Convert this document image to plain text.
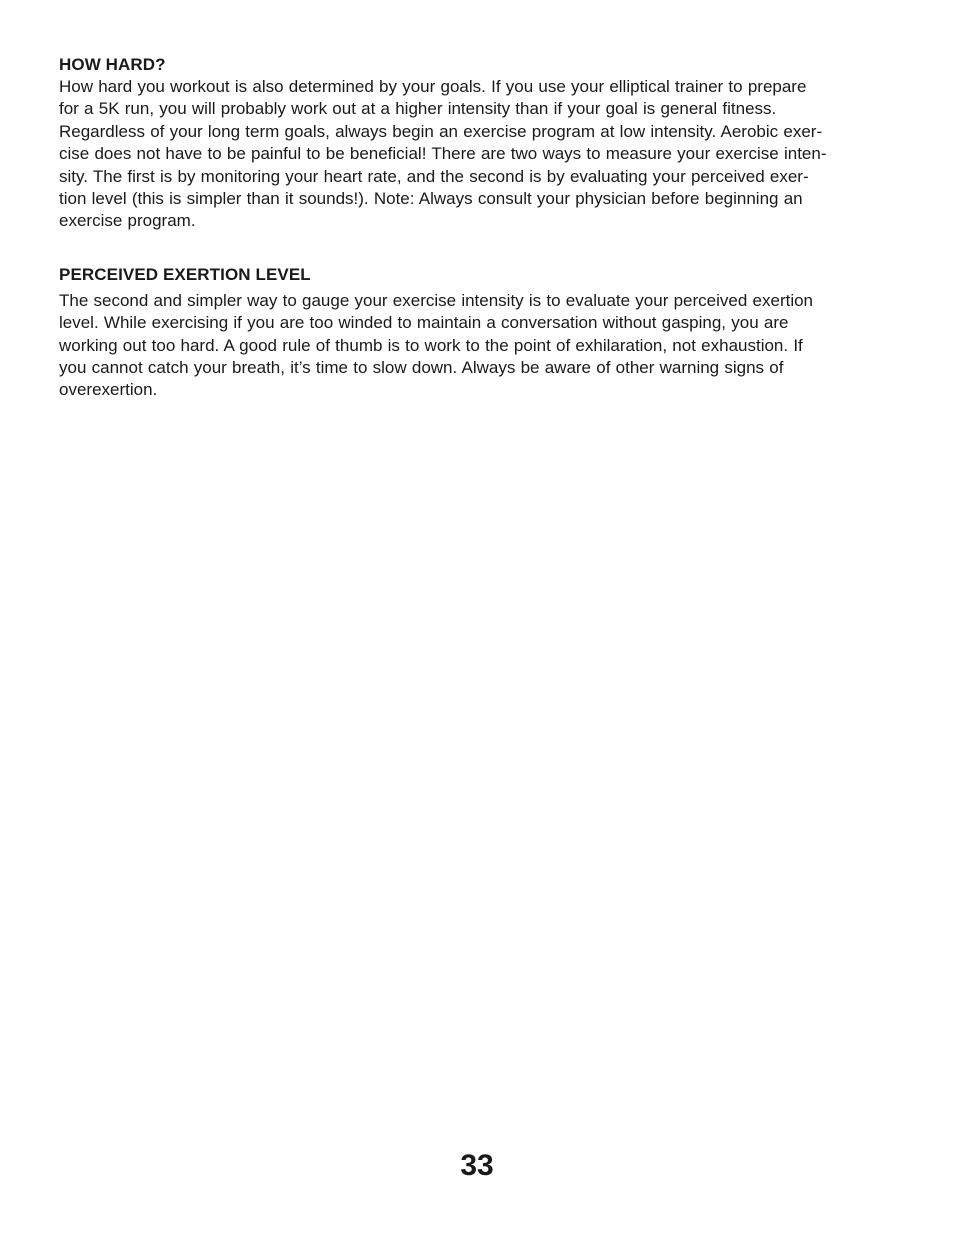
HOW HARD?

How hard you workout is also determined by your goals. If you use your elliptical trainer to prepare
for a 5K run, you will probably work out at a higher intensity than if your goal is general fitness.
Regardless of your long term goals, always begin an exercise program at low intensity. Aerobic exer-
cise does not have to be painful to be beneficial! There are two ways to measure your exercise inten-
sity. The first is by monitoring your heart rate, and the second is by evaluating your perceived exer-
tion level (this is simpler than it sounds!). Note: Always consult your physician before beginning an
exercise program.

PERCEIVED EXERTION LEVEL

The second and simpler way to gauge your exercise intensity is to evaluate your perceived exertion
level. While exercising if you are too winded to maintain a conversation without gasping, you are
working out too hard. A good rule of thumb is to work to the point of exhilaration, not exhaustion. If
you cannot catch your breath, it’s time to slow down. Always be aware of other warning signs of
overexertion.

33
